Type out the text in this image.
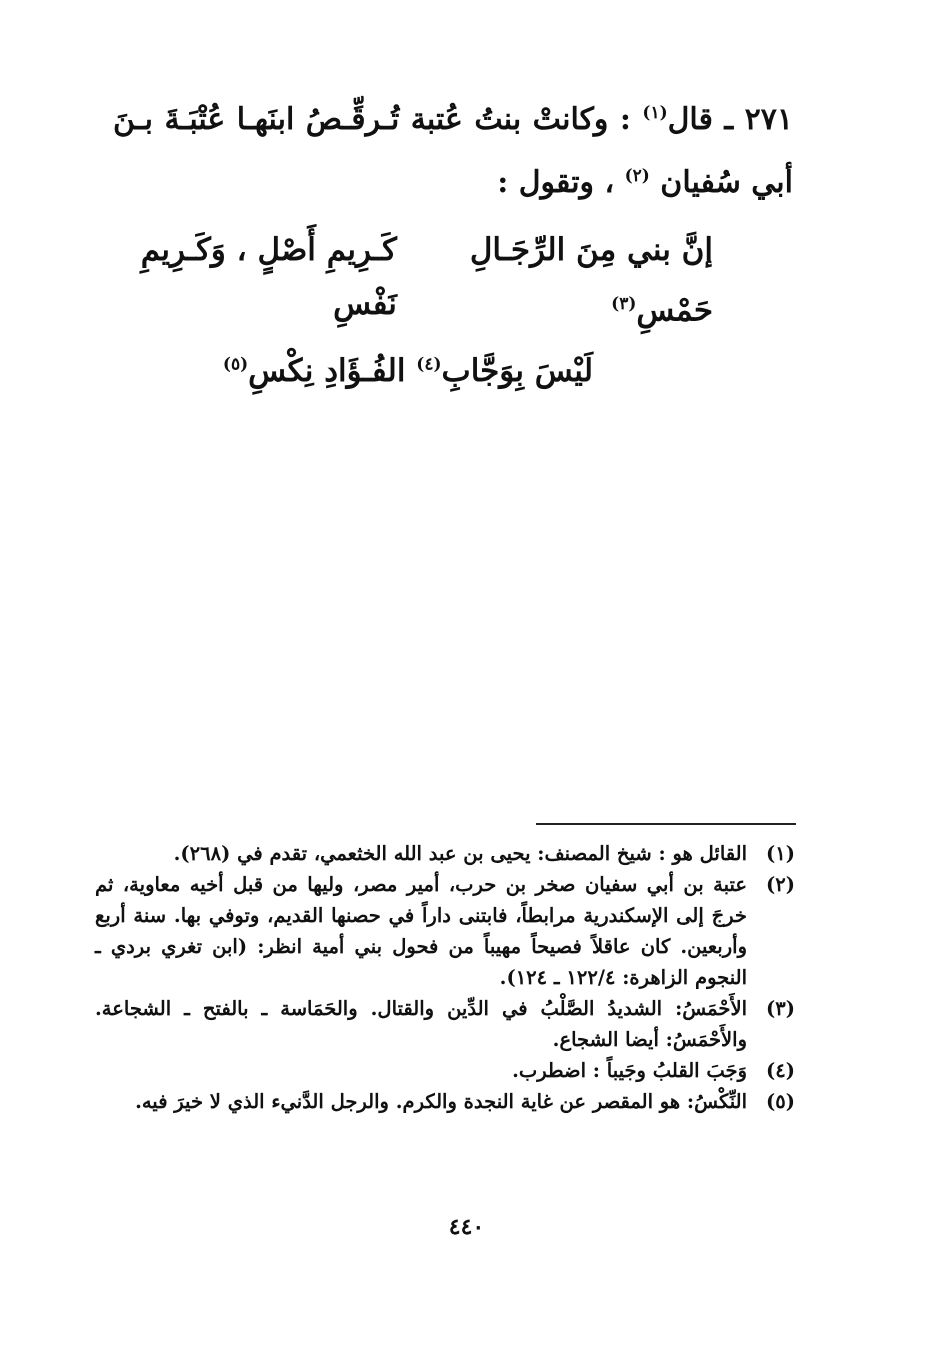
٢٧١ ـ قال$^{(١)}$ : وكانتْ بنتُ عُتبة تُـرقِّـصُ ابنَهـا عُتْبَـةَ بـنَ أبي سُفيان $^{(٢)}$ ، وتقول :

إنَّ بني مِنَ الرِّجَـالِ حَمْسِ$^{(٣)}$
كَـرِيمِ أَصْلٍ ، وَكَـرِيمِ نَفْسِ
لَيْسَ بِوَجَّابِ$^{(٤)}$ الفُـؤَادِ نِكْسِ$^{(٥)}$
(١)
القائل هو : شيخ المصنف: يحيى بن عبد الله الخثعمي، تقدم في (٢٦٨).
(٢)
عتبة بن أبي سفيان صخر بن حرب، أمير مصر، وليها من قبل أخيه معاوية، ثم خرجَ إلى الإسكندرية مرابطاً، فابتنى داراً في حصنها القديم، وتوفي بها. سنة أربع وأربعين. كان عاقلاً فصيحاً مهيباً من فحول بني أمية انظر: (ابن تغري بردي ـ النجوم الزاهرة: ١٢٢/٤ ـ ١٢٤).
(٣)
الأَحْمَسُ: الشديدُ الصَّلْبُ في الدِّين والقتال. والحَمَاسة ـ بالفتح ـ الشجاعة. والأَحْمَسُ: أيضا الشجاع.
(٤)
وَجَبَ القلبُ وجَيباً : اضطرب.
(٥)
النِّكْسُ: هو المقصر عن غاية النجدة والكرم. والرجل الدَّنيء الذي لا خيرَ فيه.
٤٤٠
